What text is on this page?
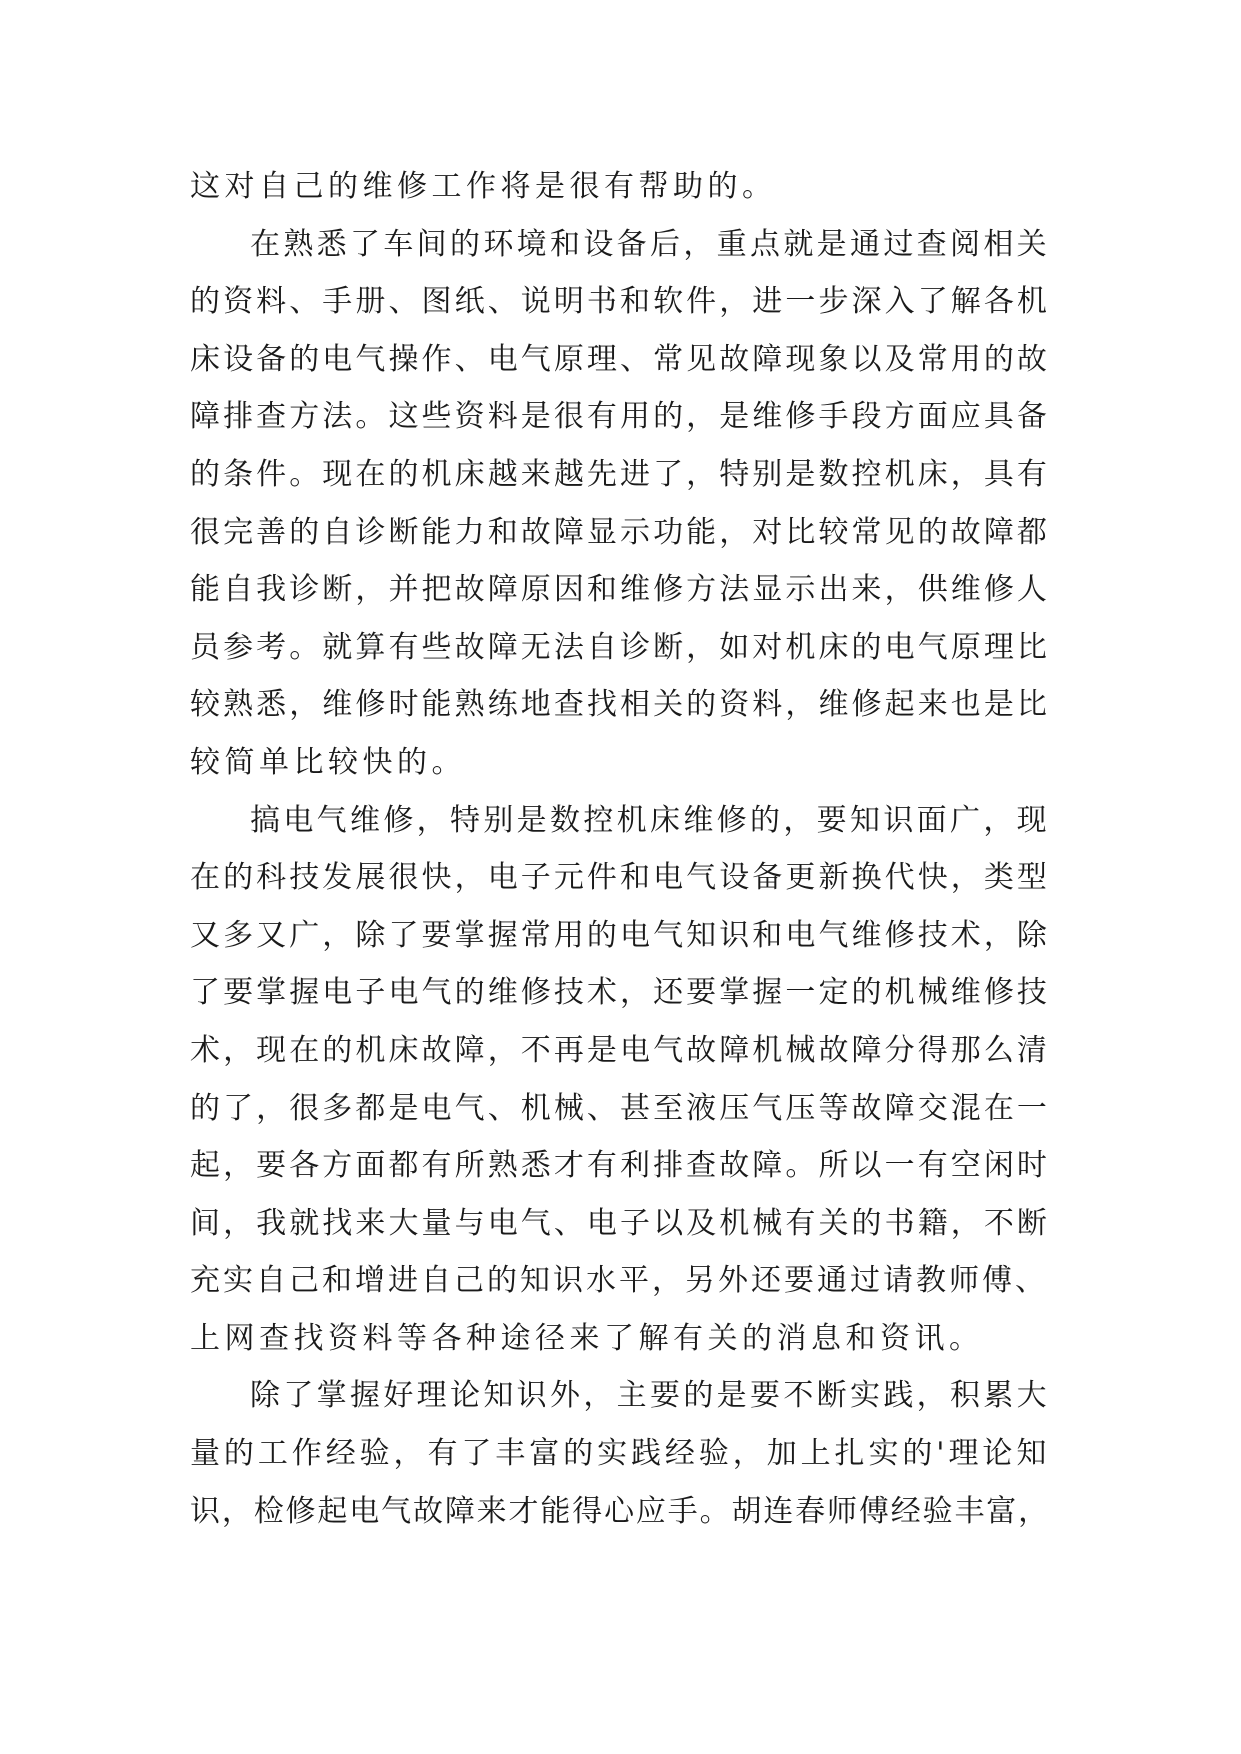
这对自己的维修工作将是很有帮助的。
在熟悉了车间的环境和设备后，重点就是通过查阅相关
的资料、手册、图纸、说明书和软件，进一步深入了解各机
床设备的电气操作、电气原理、常见故障现象以及常用的故
障排查方法。这些资料是很有用的，是维修手段方面应具备
的条件。现在的机床越来越先进了，特别是数控机床，具有
很完善的自诊断能力和故障显示功能，对比较常见的故障都
能自我诊断，并把故障原因和维修方法显示出来，供维修人
员参考。就算有些故障无法自诊断，如对机床的电气原理比
较熟悉，维修时能熟练地查找相关的资料，维修起来也是比
较简单比较快的。
搞电气维修，特别是数控机床维修的，要知识面广，现
在的科技发展很快，电子元件和电气设备更新换代快，类型
又多又广，除了要掌握常用的电气知识和电气维修技术，除
了要掌握电子电气的维修技术，还要掌握一定的机械维修技
术，现在的机床故障，不再是电气故障机械故障分得那么清
的了，很多都是电气、机械、甚至液压气压等故障交混在一
起，要各方面都有所熟悉才有利排查故障。所以一有空闲时
间，我就找来大量与电气、电子以及机械有关的书籍，不断
充实自己和增进自己的知识水平，另外还要通过请教师傅、
上网查找资料等各种途径来了解有关的消息和资讯。
除了掌握好理论知识外，主要的是要不断实践，积累大
量的工作经验，有了丰富的实践经验，加上扎实的'理论知
识，检修起电气故障来才能得心应手。胡连春师傅经验丰富，
